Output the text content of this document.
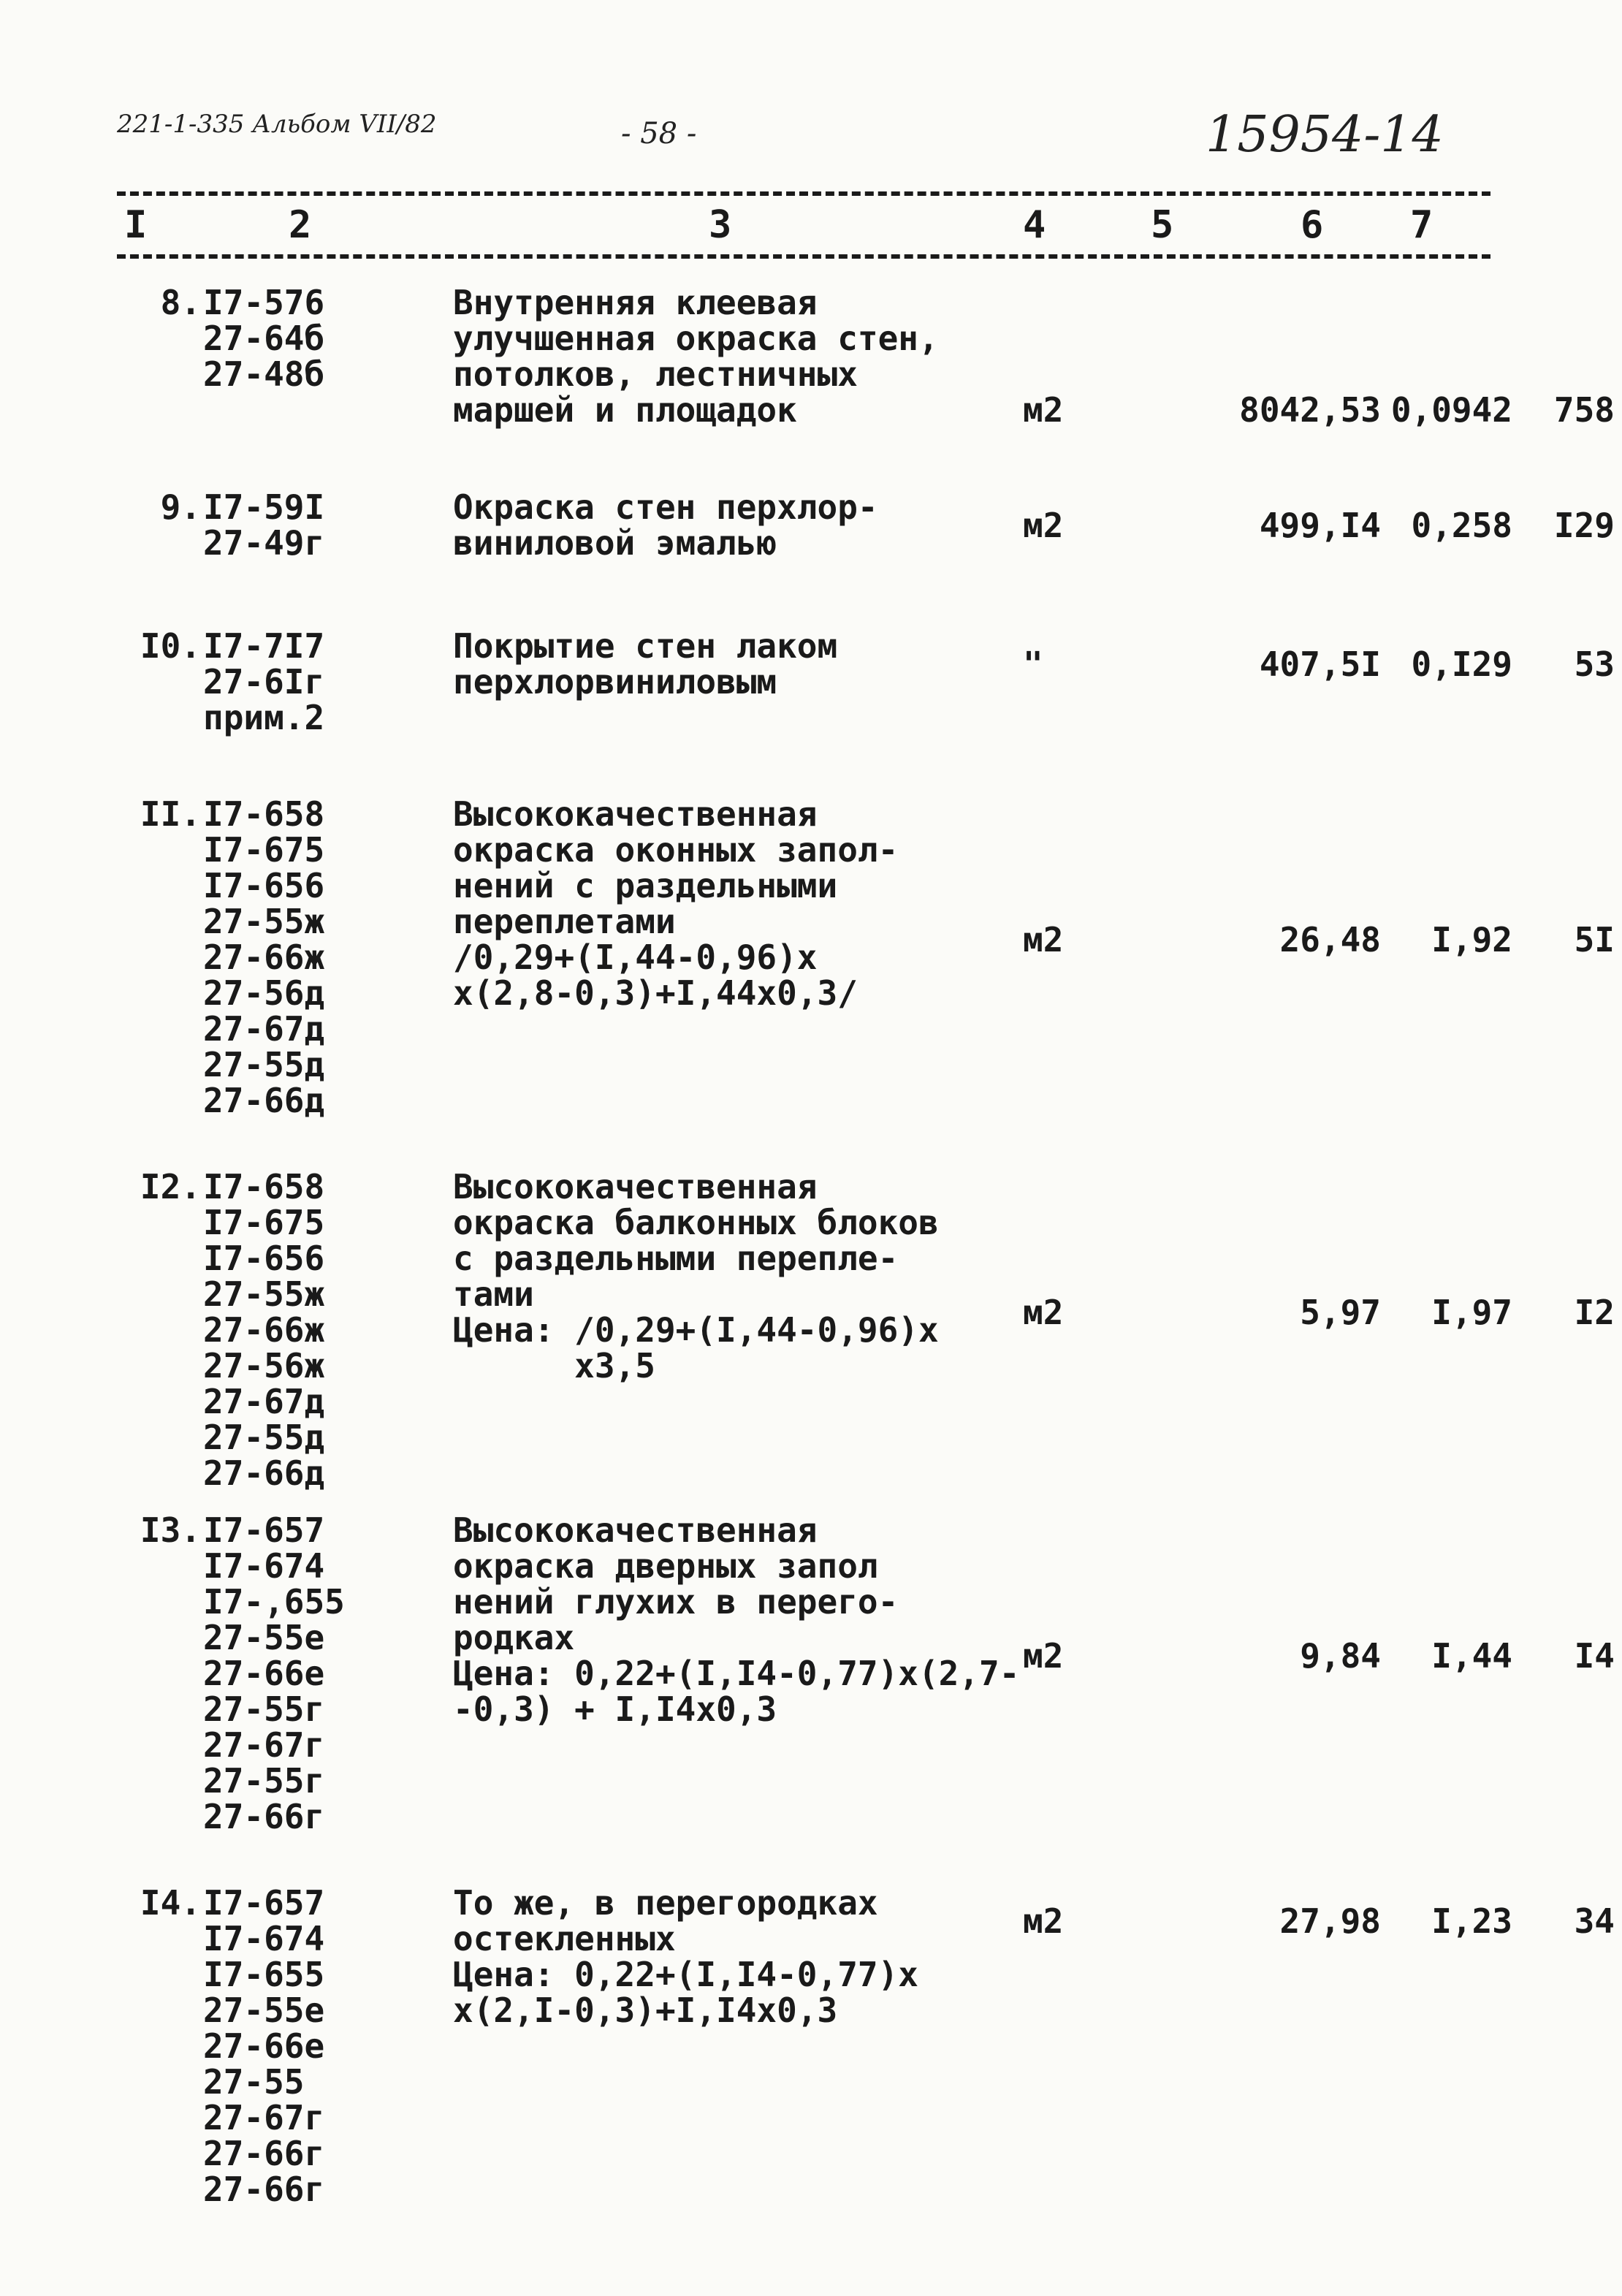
221-1-335 Альбом VII/82	- 58 -	15954-14
I	2	3	4	5	6 7
8. I7-576
27-64б
27-48б
Внутренняя клеевая
улучшенная окраска стен,
потолков, лестничных
маршей и площадок	м2	8042,53 0,0942	758
9. I7-59I
27-49г
Окраска стен перхлор-
виниловой эмалью	м2	499,I4 0,258	I29
I0. I7-7I7
27-6Iг
прим.2
Покрытие стен лаком
перхлорвиниловым	"	407,5I 0,I29	53
II. I7-658
I7-675
I7-656
27-55ж
27-66ж
27-56д
27-67д
27-55д
27-66д
Высококачественная
окраска оконных запол-
нений с раздельными
переплетами
/0,29+(I,44-0,96)x
x(2,8-0,3)+I,44x0,3/
м2	26,48	I,92	5I
I2. I7-658
I7-675
I7-656
27-55ж
27-66ж
27-56ж
27-67д
27-55д
27-66д
Высококачественная
окраска балконных блоков
с раздельными перепле-
тами
Цена: /0,29+(I,44-0,96)x
x3,5
м2	5,97	I,97	I2
I3. I7-657
I7-674
I7-,655
27-55е
27-66е
27-55г
27-67г
27-55г
27-66г
Высококачественная
окраска дверных запол
нений глухих в перего-
родках
Цена: 0,22+(I,I4-0,77)x(2,7-
-0,3) + I,I4x0,3
м2	9,84	I,44	I4
I4. I7-657
I7-674
I7-655
27-55е
27-66е
27-55
27-67г
27-66г
27-66г
То же, в перегородках
остекленных
Цена: 0,22+(I,I4-0,77)x
x(2,I-0,3)+I,I4x0,3
м2	27,98	I,23	34
